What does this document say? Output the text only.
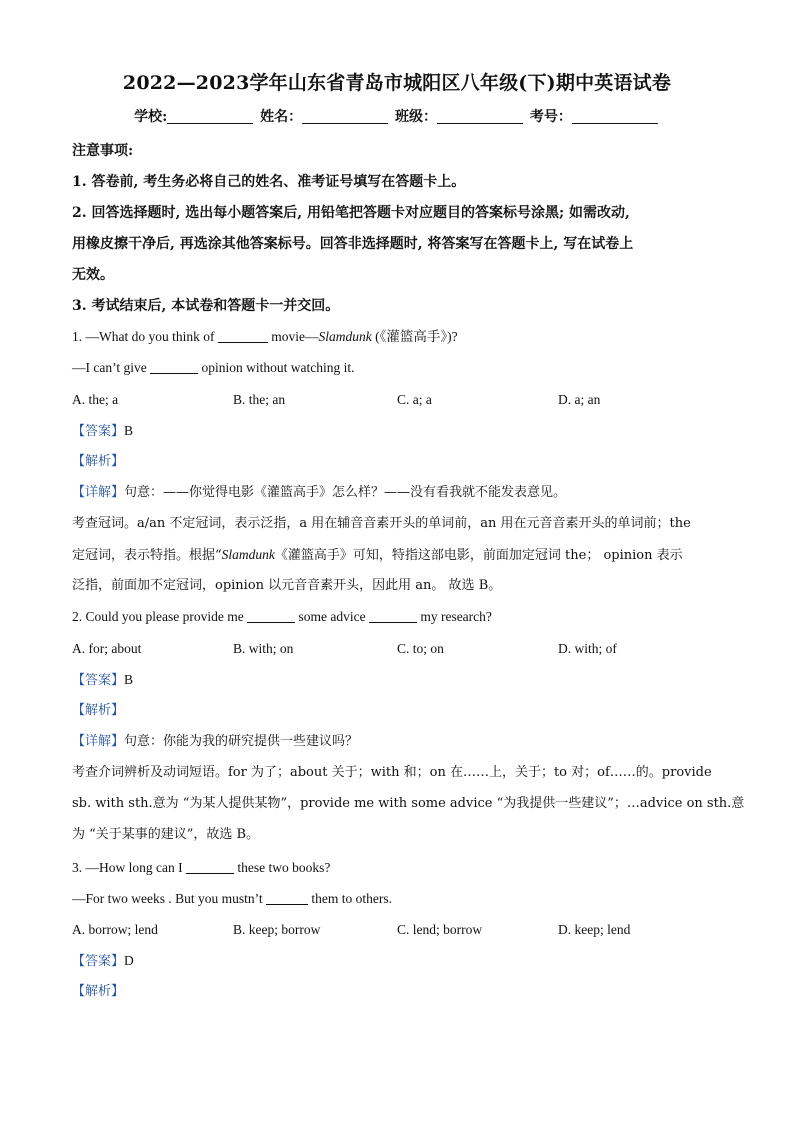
2022—2023学年山东省青岛市城阳区八年级(下)期中英语试卷
学校:	姓名：	班级：	考号：
注意事项:
1. 答卷前, 考生务必将自己的姓名、准考证号填写在答题卡上。
2. 回答选择题时, 选出每小题答案后, 用铅笔把答题卡对应题目的答案标号涂黑; 如需改动,
用橡皮擦干净后, 再选涂其他答案标号。回答非选择题时, 将答案写在答题卡上, 写在试卷上
无效。
3. 考试结束后, 本试卷和答题卡一并交回。
1. —What do you think of	movie—Slamdunk (《灌篮高手》)?
—I can’t give	opinion without watching it.
A. the; a	B. the; an	C. a; a	D. a; an
【答案】B
【解析】
【详解】句意：——你觉得电影《灌篮高手》怎么样？——没有看我就不能发表意见。
考查冠词。a/an 不定冠词，表示泛指，a 用在辅音音素开头的单词前，an 用在元音音素开头的单词前；the
定冠词，表示特指。根据“Slamdunk《灌篮高手》可知，特指这部电影，前面加定冠词 the； opinion 表示
泛指，前面加不定冠词，opinion 以元音音素开头，因此用 an。 故选 B。
2. Could you please provide me	some advice	my research?
A. for; about	B. with; on	C. to; on	D. with; of
【答案】B
【解析】
【详解】句意：你能为我的研究提供一些建议吗？
考查介词辨析及动词短语。for 为了；about 关于；with 和；on 在……上，关于；to 对；of……的。provide
sb. with sth.意为 “为某人提供某物”，provide me with some advice “为我提供一些建议”；…advice on sth.意
为 “关于某事的建议”，故选 B。
3. —How long can I	these two books?
—For two weeks . But you mustn’t	them to others.
A. borrow; lend	B. keep; borrow	C. lend; borrow	D. keep; lend
【答案】D
【解析】
